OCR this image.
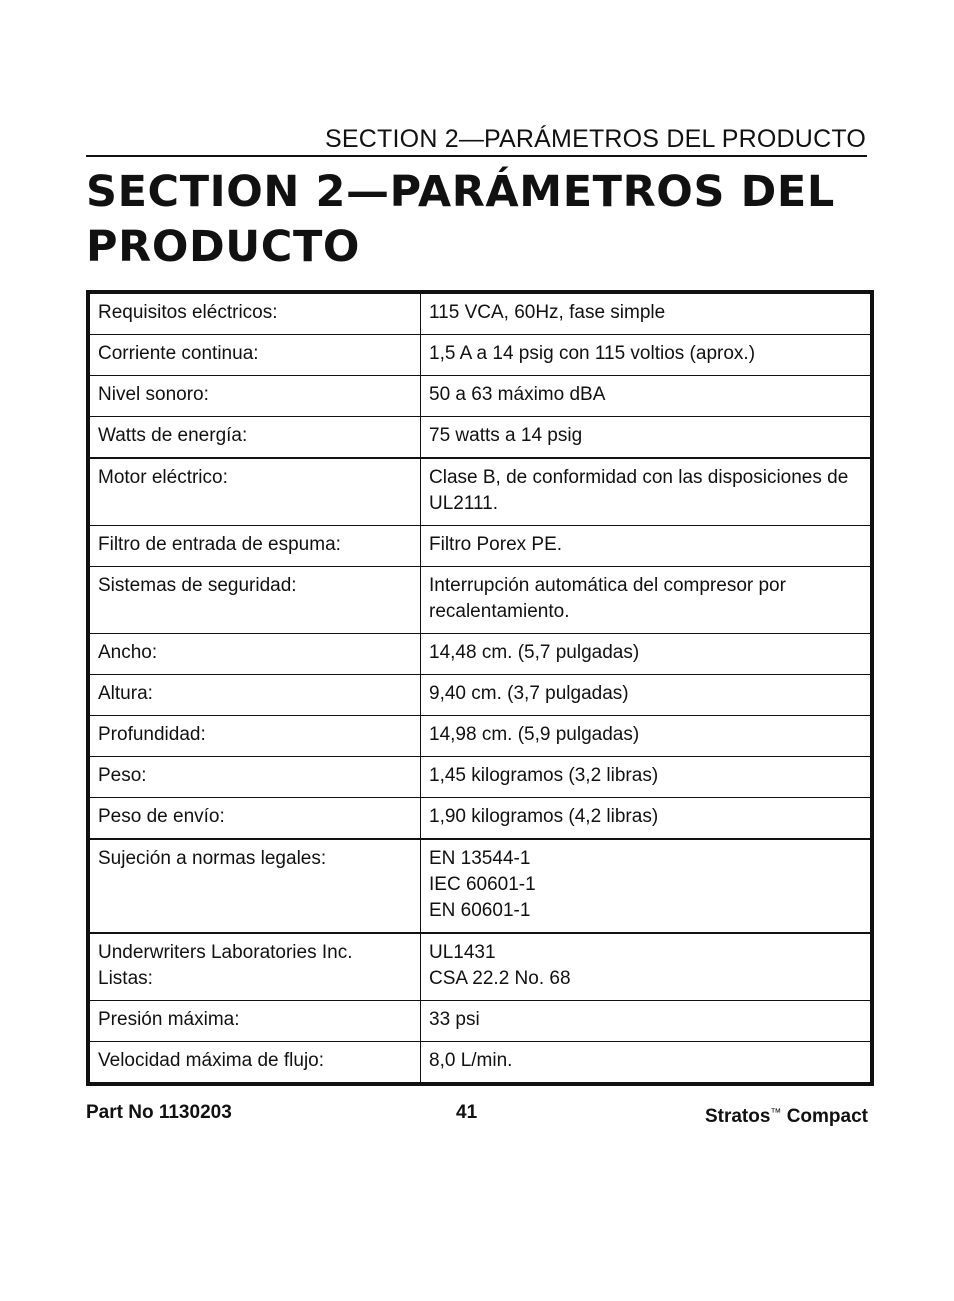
SECTION 2—PARÁMETROS DEL PRODUCTO
SECTION 2—PARÁMETROS DEL
PRODUCTO
Requisitos eléctricos:	115 VCA, 60Hz, fase simple

Corriente continua:	1,5 A a 14 psig con 115 voltios (aprox.)

Nivel sonoro:	50 a 63 máximo dBA

Watts de energía:	75 watts a 14 psig

Motor eléctrico:	Clase B, de conformidad con las disposiciones de
UL2111.

Filtro de entrada de espuma:	Filtro Porex PE.

Sistemas de seguridad:	Interrupción automática del compresor por
recalentamiento.

Ancho:	14,48 cm. (5,7 pulgadas)

Altura:	9,40 cm. (3,7 pulgadas)

Profundidad:	14,98 cm. (5,9 pulgadas)

Peso:	1,45 kilogramos (3,2 libras)

Peso de envío:	1,90 kilogramos (4,2 libras)

Sujeción a normas legales:	EN 13544-1
IEC 60601-1
EN 60601-1

Underwriters Laboratories Inc.
Listas:	UL1431
CSA 22.2 No. 68

Presión máxima:	33 psi

Velocidad máxima de flujo:	8,0 L/min.
Part No 1130203	41	Stratos™ Compact
